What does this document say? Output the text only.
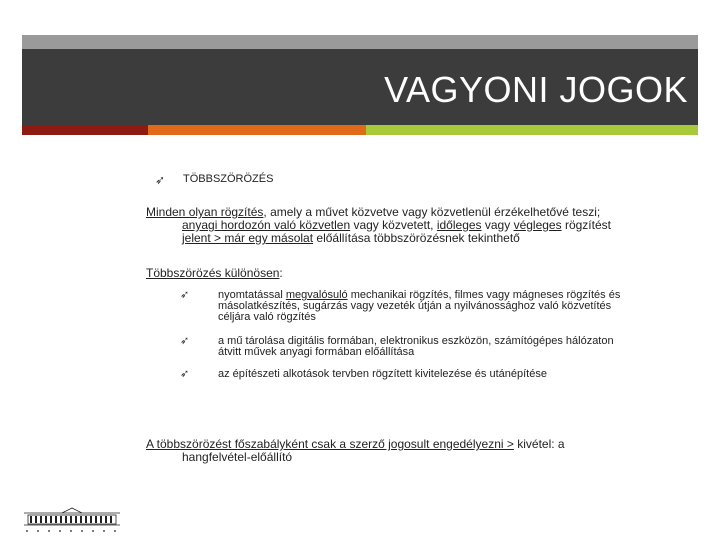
VAGYONI JOGOK
➶	TÖBBSZÖRÖZÉS
Minden olyan rögzítés, amely a művet közvetve vagy közvetlenül érzékelhetővé teszi;
anyagi hordozón való közvetlen vagy közvetett, időleges vagy végleges rögzítést
jelent > már egy másolat előállítása többszörözésnek tekinthető
Többszörözés különösen:
➶	nyomtatással megvalósuló mechanikai rögzítés, filmes vagy mágneses rögzítés és
másolatkészítés, sugárzás vagy vezeték útján a nyilvánossághoz való közvetítés
céljára való rögzítés
➶	a mű tárolása digitális formában, elektronikus eszközön, számítógépes hálózaton
átvitt művek anyagi formában előállítása
➶	az építészeti alkotások tervben rögzített kivitelezése és utánépítése
A többszörözést főszabályként csak a szerző jogosult engedélyezni > kivétel: a
hangfelvétel-előállító
